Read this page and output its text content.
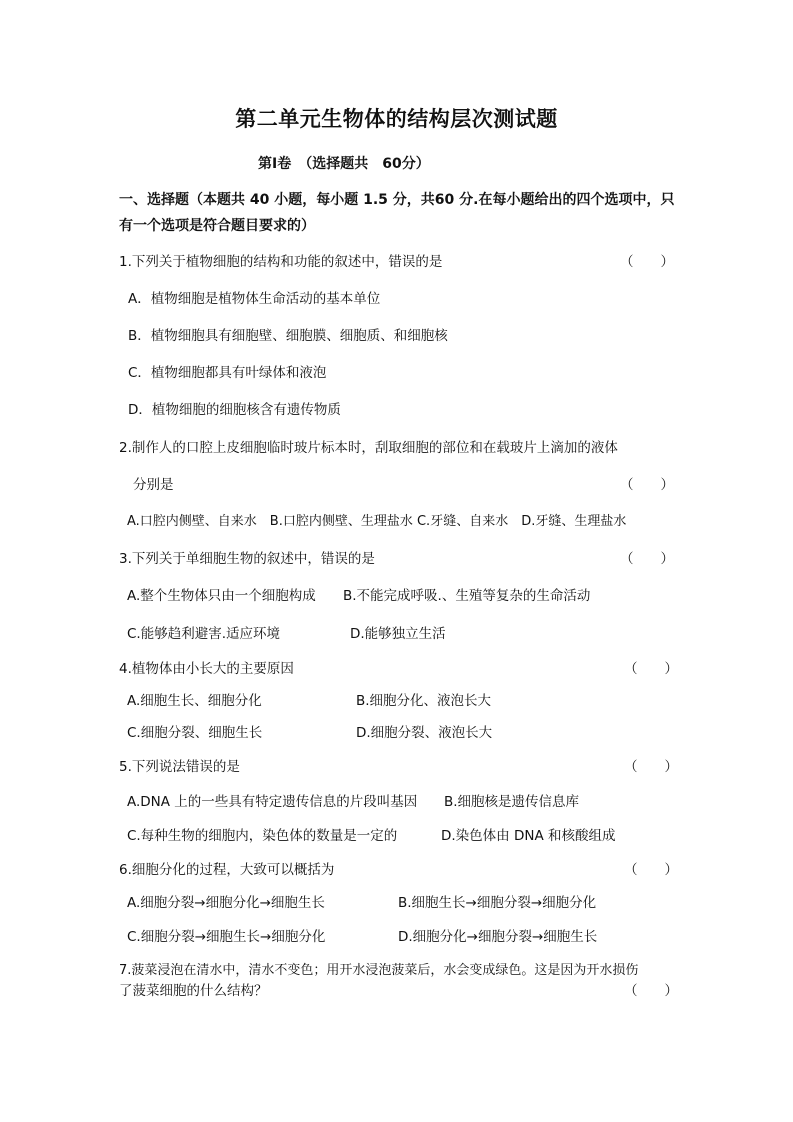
第二单元生物体的结构层次测试题
第Ⅰ卷　（选择题共　60分）
一、选择题（本题共 40 小题，每小题 1.5 分，共60 分.在每小题给出的四个选项中，只有一个选项是符合题目要求的）
1.下列关于植物细胞的结构和功能的叙述中，错误的是	（　　）
A．植物细胞是植物体生命活动的基本单位
B．植物细胞具有细胞壁、细胞膜、细胞质、和细胞核
C．植物细胞都具有叶绿体和液泡
D．植物细胞的细胞核含有遗传物质
2.制作人的口腔上皮细胞临时玻片标本时，刮取细胞的部位和在载玻片上滴加的液体
分别是	（　　）
A.口腔内侧壁、自来水　B.口腔内侧壁、生理盐水 C.牙缝、自来水　D.牙缝、生理盐水
3.下列关于单细胞生物的叙述中，错误的是	（　　）
A.整个生物体只由一个细胞构成 B.不能完成呼吸.、生殖等复杂的生命活动
C.能够趋利避害.适应环境	D.能够独立生活
4.植物体由小长大的主要原因	（　　）
A.细胞生长、细胞分化	B.细胞分化、液泡长大
C.细胞分裂、细胞生长	D.细胞分裂、液泡长大
5.下列说法错误的是	（　　）
A.DNA 上的一些具有特定遗传信息的片段叫基因 B.细胞核是遗传信息库
C.每种生物的细胞内，染色体的数量是一定的	D.染色体由 DNA 和核酸组成
6.细胞分化的过程，大致可以概括为	（　　）
A.细胞分裂→细胞分化→细胞生长	B.细胞生长→细胞分裂→细胞分化
C.细胞分裂→细胞生长→细胞分化	D.细胞分化→细胞分裂→细胞生长
7.菠菜浸泡在清水中，清水不变色；用开水浸泡菠菜后，水会变成绿色。这是因为开水损伤
了菠菜细胞的什么结构？	（　　）
